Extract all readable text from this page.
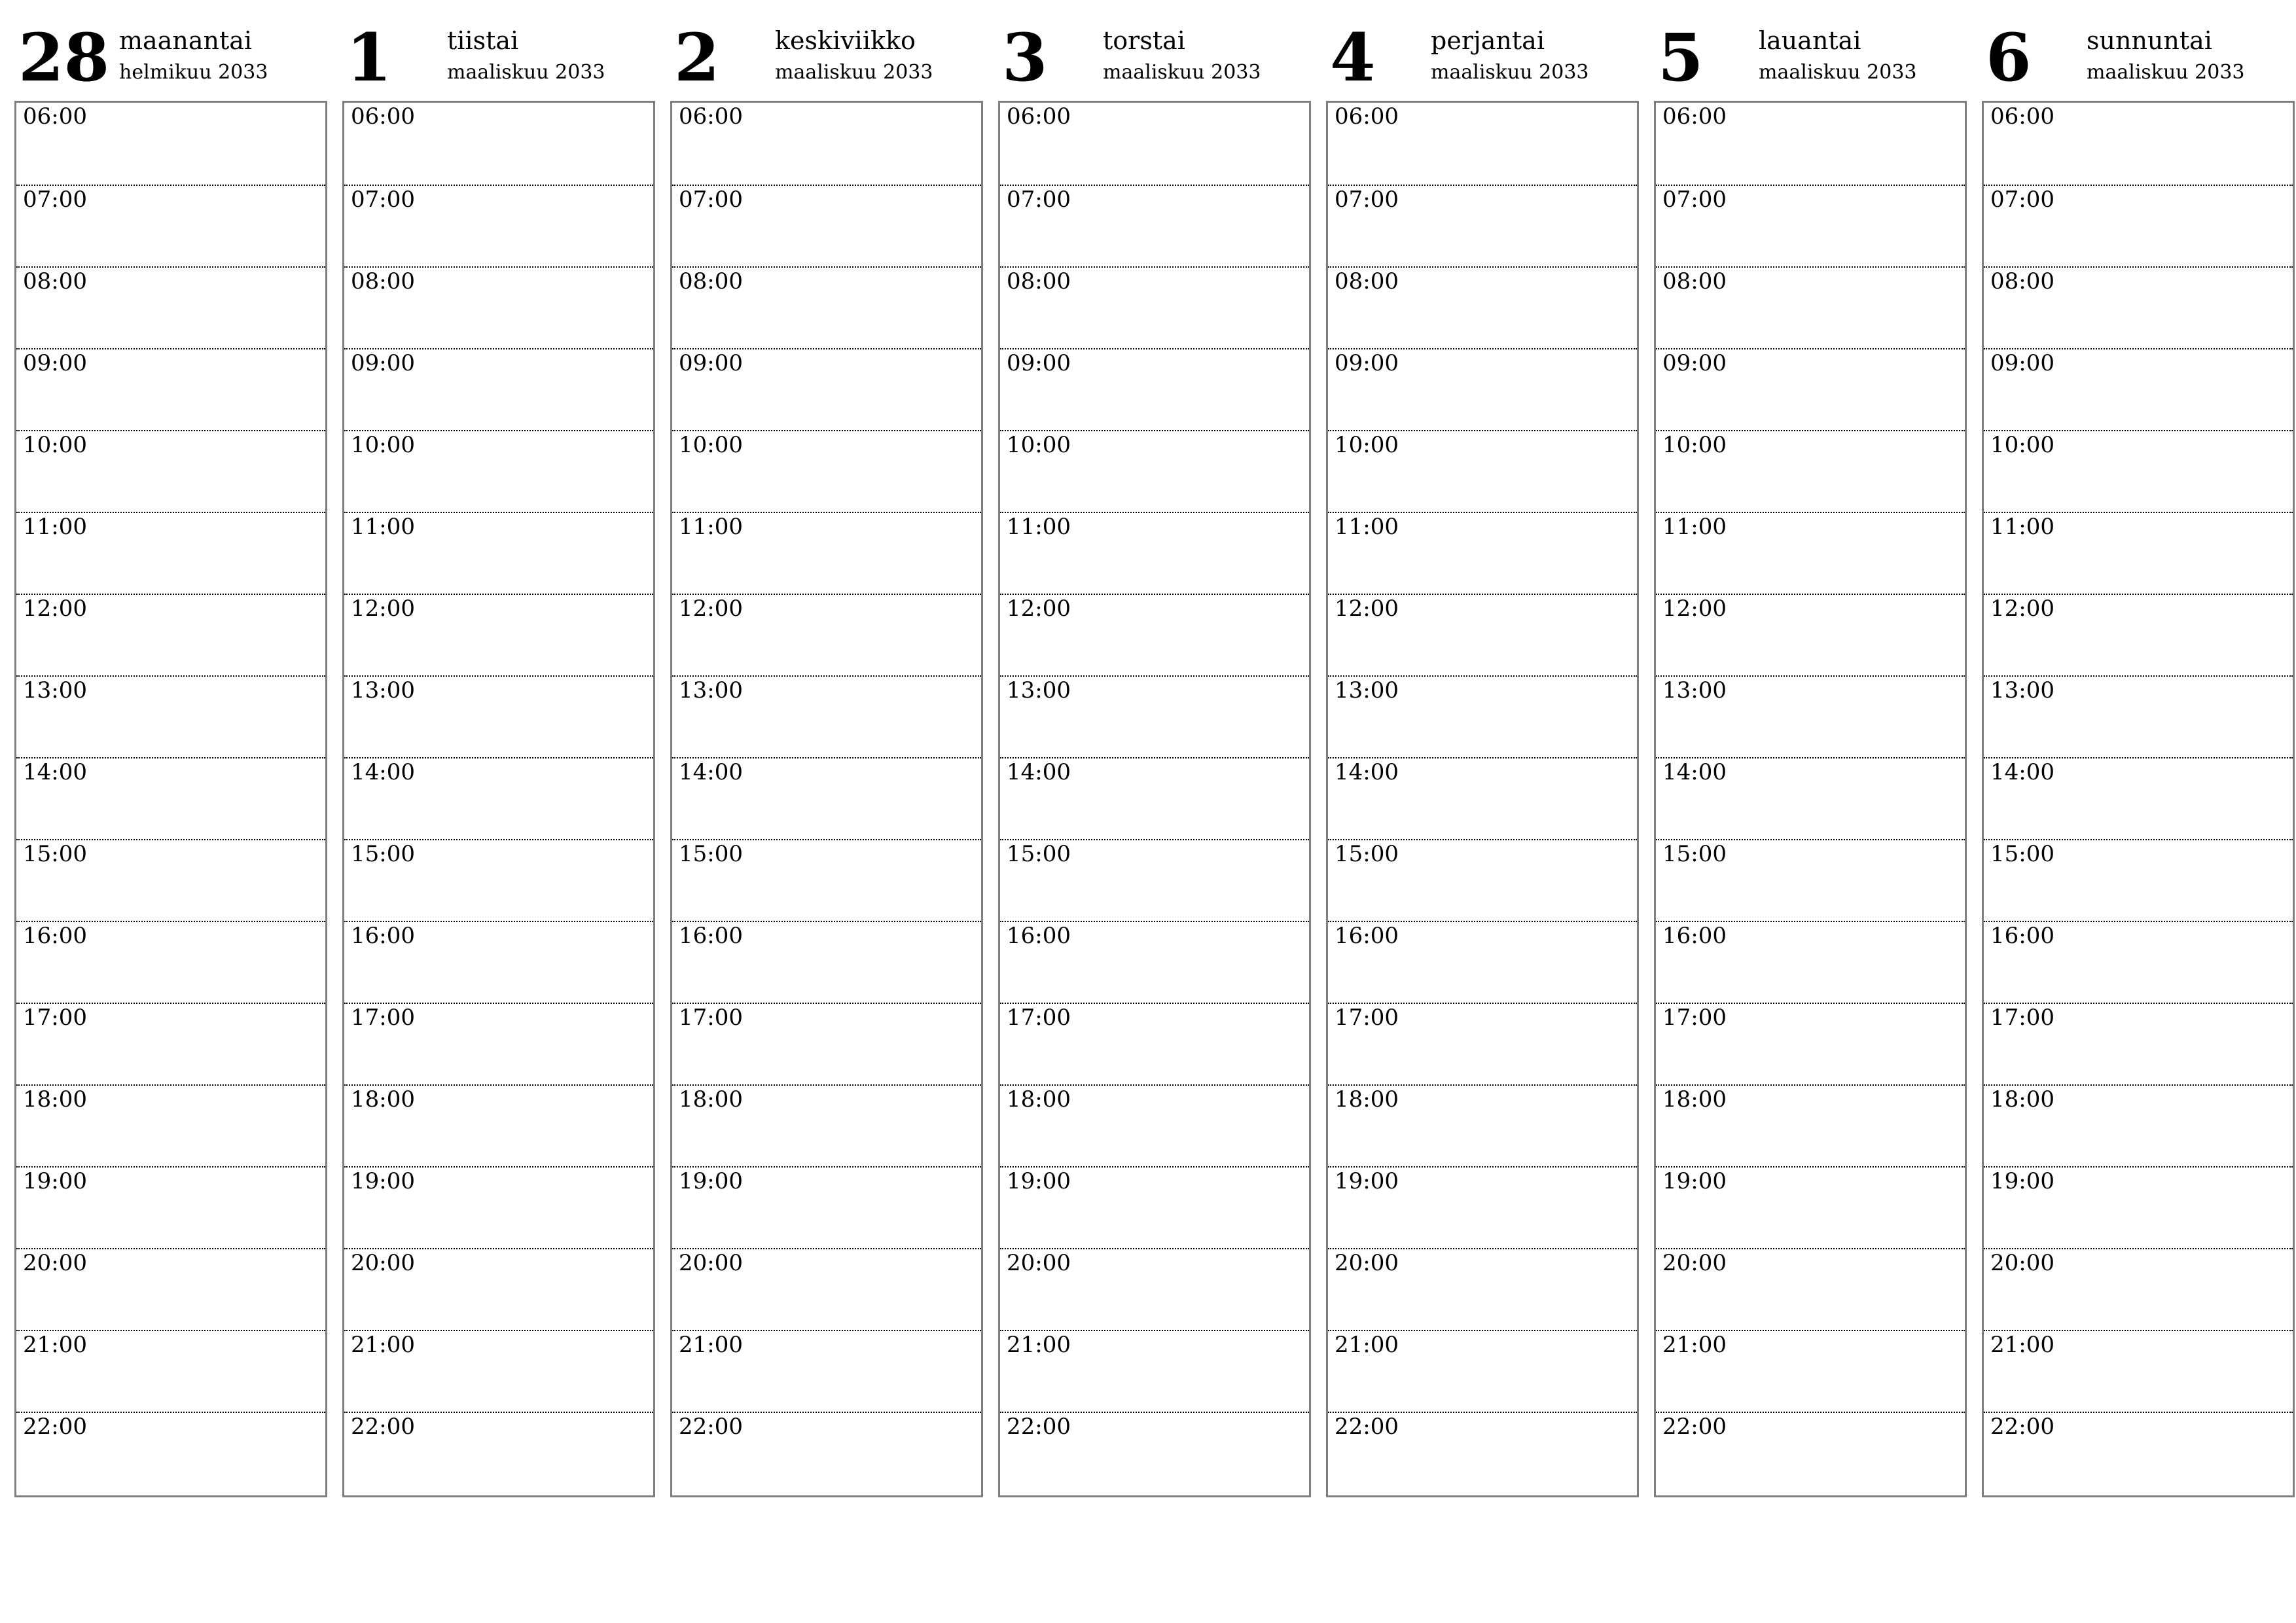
28 maanantai
helmikuu 2033
06:00
07:00
08:00
09:00
10:00
11:00
12:00
13:00
14:00
15:00
16:00
17:00
18:00
19:00
20:00
21:00
22:00
1 tiistai
maaliskuu 2033
06:00
07:00
08:00
09:00
10:00
11:00
12:00
13:00
14:00
15:00
16:00
17:00
18:00
19:00
20:00
21:00
22:00
2 keskiviikko
maaliskuu 2033
06:00
07:00
08:00
09:00
10:00
11:00
12:00
13:00
14:00
15:00
16:00
17:00
18:00
19:00
20:00
21:00
22:00
3 torstai
maaliskuu 2033
06:00
07:00
08:00
09:00
10:00
11:00
12:00
13:00
14:00
15:00
16:00
17:00
18:00
19:00
20:00
21:00
22:00
4 perjantai
maaliskuu 2033
06:00
07:00
08:00
09:00
10:00
11:00
12:00
13:00
14:00
15:00
16:00
17:00
18:00
19:00
20:00
21:00
22:00
5 lauantai
maaliskuu 2033
06:00
07:00
08:00
09:00
10:00
11:00
12:00
13:00
14:00
15:00
16:00
17:00
18:00
19:00
20:00
21:00
22:00
6 sunnuntai
maaliskuu 2033
06:00
07:00
08:00
09:00
10:00
11:00
12:00
13:00
14:00
15:00
16:00
17:00
18:00
19:00
20:00
21:00
22:00
